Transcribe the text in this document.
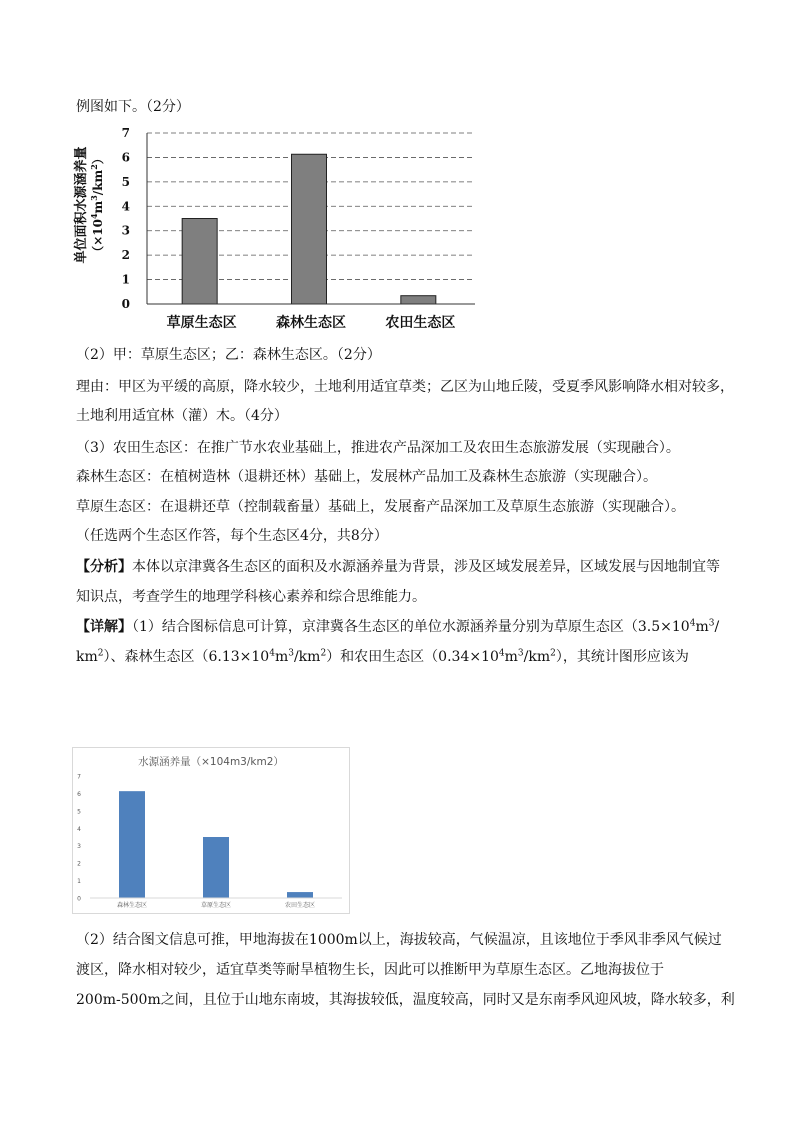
例图如下。（2分）
单位面积水源涵养量 $(\times 10^4m^3/km^2)$
0
1
2
3
4
5
6
7
草原生态区	森林生态区	农田生态区
（2）甲：草原生态区；乙：森林生态区。（2分）
理由：甲区为平缓的高原，降水较少，土地利用适宜草类；乙区为山地丘陵，受夏季风影响降水相对较多，
土地利用适宜林（灌）木。（4分）
（3）农田生态区：在推广节水农业基础上，推进农产品深加工及农田生态旅游发展（实现融合）。
森林生态区：在植树造林（退耕还林）基础上，发展林产品加工及森林生态旅游（实现融合）。
草原生态区：在退耕还草（控制载畜量）基础上，发展畜产品深加工及草原生态旅游（实现融合）。
（任选两个生态区作答，每个生态区4分，共8分）
【分析】本体以京津冀各生态区的面积及水源涵养量为背景，涉及区域发展差异，区域发展与因地制宜等
知识点，考查学生的地理学科核心素养和综合思维能力。
【详解】（1）结合图标信息可计算，京津冀各生态区的单位水源涵养量分别为草原生态区（$3.5\times 10^4m^3/$
$km^2$）、森林生态区$(6.13\times 10^4m^3/km^2)$和农田生态区$(0.34\times 10^4m^3/km^2)$，其统计图形应该为
水源涵养量（×104m3/km2）
0
1
2
3
4
5
6
7
森林生态区	草原生态区	农田生态区
（2）结合图文信息可推，甲地海拔在1000m以上，海拔较高，气候温凉，且该地位于季风非季风气候过
渡区，降水相对较少，适宜草类等耐旱植物生长，因此可以推断甲为草原生态区。乙地海拔位于
200m-500m之间，且位于山地东南坡，其海拔较低，温度较高，同时又是东南季风迎风坡，降水较多，利
